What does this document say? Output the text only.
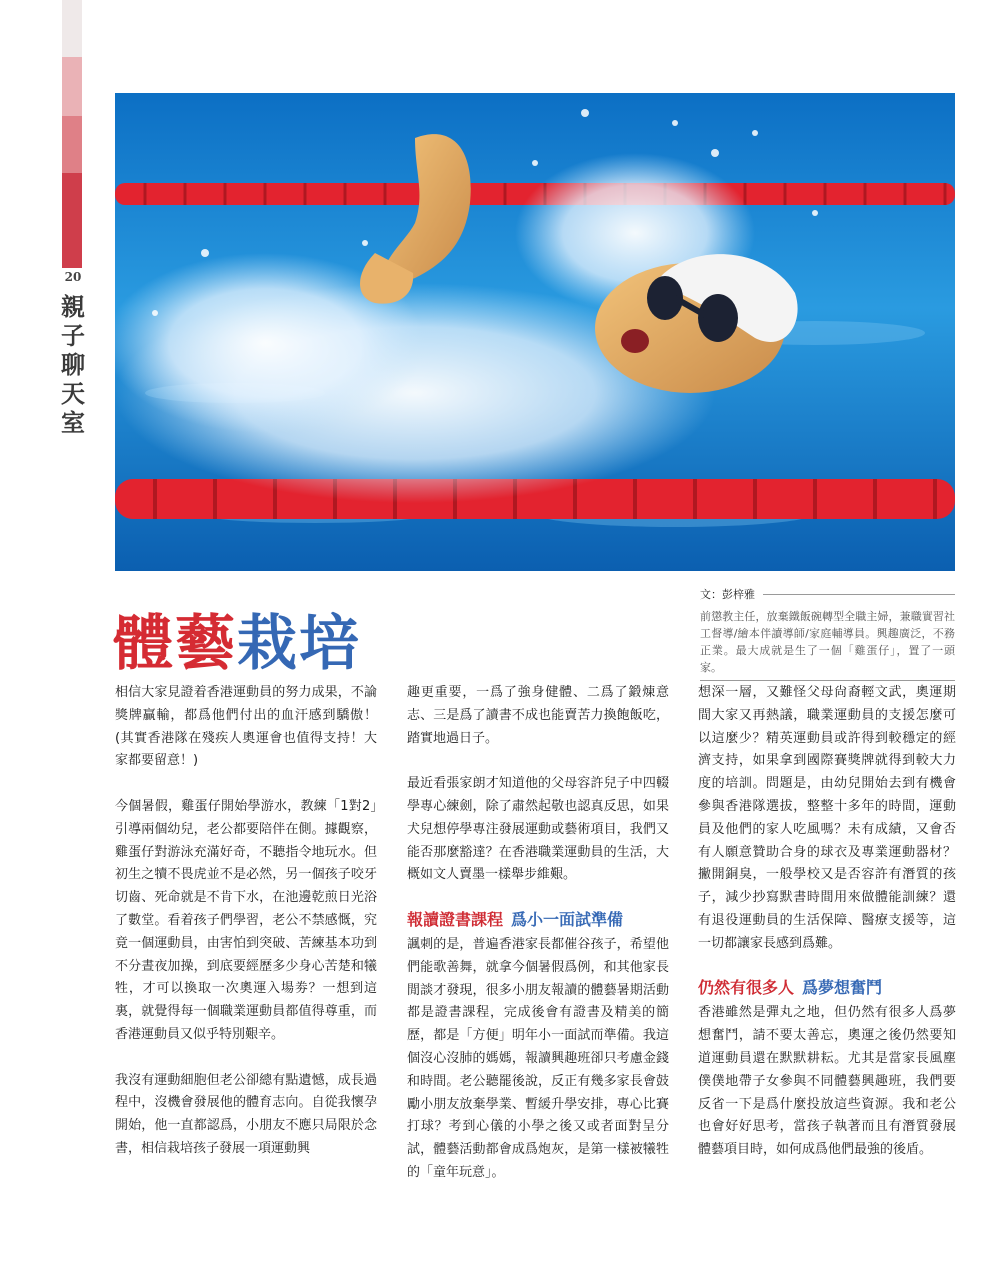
20
親子聊天室
文：彭梓雅
前懲教主任，放棄鐵飯碗轉型全職主婦，兼職實習社工督導/繪本伴讀導師/家庭輔導員。興趣廣泛，不務正業。最大成就是生了一個「雞蛋仔」，置了一頭家。
體藝栽培

相信大家見證着香港運動員的努力成果，不論獎牌贏輸，都爲他們付出的血汗感到驕傲！(其實香港隊在殘疾人奧運會也值得支持！大家都要留意！)

今個暑假，雞蛋仔開始學游水，教練「1對2」引導兩個幼兒，老公都要陪伴在側。據觀察，雞蛋仔對游泳充滿好奇，不聽指令地玩水。但初生之犢不畏虎並不是必然，另一個孩子咬牙切齒、死命就是不肯下水，在池邊乾煎日光浴了數堂。看着孩子們學習，老公不禁感慨，究竟一個運動員，由害怕到突破、苦練基本功到不分晝夜加操，到底要經歷多少身心苦楚和犧牲，才可以換取一次奧運入場劵？一想到這裏，就覺得每一個職業運動員都值得尊重，而香港運動員又似乎特別艱辛。

我沒有運動細胞但老公卻總有點遺憾，成長過程中，沒機會發展他的體育志向。自從我懷孕開始，他一直都認爲，小朋友不應只局限於念書，相信栽培孩子發展一項運動興

趣更重要，一爲了強身健體、二爲了鍛煉意志、三是爲了讀書不成也能賣苦力換飽飯吃，踏實地過日子。

最近看張家朗才知道他的父母容許兒子中四輟學專心練劍，除了肅然起敬也認真反思，如果犬兒想停學專注發展運動或藝術項目，我們又能否那麼豁達？在香港職業運動員的生活，大概如文人賣墨一樣舉步維艱。

報讀證書課程 爲小一面試準備

諷刺的是，普遍香港家長都催谷孩子，希望他們能歌善舞，就拿今個暑假爲例，和其他家長閒談才發現，很多小朋友報讀的體藝暑期活動都是證書課程，完成後會有證書及精美的簡歷，都是「方便」明年小一面試而準備。我這個沒心沒肺的媽媽，報讀興趣班卻只考慮金錢和時間。老公聽罷後說，反正有幾多家長會鼓勵小朋友放棄學業、暫緩升學安排，專心比賽打球？考到心儀的小學之後又或者面對呈分試，體藝活動都會成爲炮灰，是第一樣被犧牲的「童年玩意」。

想深一層，又難怪父母尙裔輕文武，奧運期間大家又再熱議，職業運動員的支援怎麼可以這麼少？精英運動員或許得到較穩定的經濟支持，如果拿到國際賽獎牌就得到較大力度的培訓。問題是，由幼兒開始去到有機會參與香港隊選拔，整整十多年的時間，運動員及他們的家人吃風嗎？未有成績，又會否有人願意贊助合身的球衣及專業運動器材？撇開銅臭，一般學校又是否容許有潛質的孩子，減少抄寫默書時間用來做體能訓練？還有退役運動員的生活保障、醫療支援等，這一切都讓家長感到爲難。

仍然有很多人 爲夢想奮鬥

香港雖然是彈丸之地，但仍然有很多人爲夢想奮鬥，請不要太善忘，奧運之後仍然要知道運動員還在默默耕耘。尤其是當家長風塵僕僕地帶子女參與不同體藝興趣班，我們要反省一下是爲什麼投放這些資源。我和老公也會好好思考，當孩子執著而且有潛質發展體藝項目時，如何成爲他們最強的後盾。
